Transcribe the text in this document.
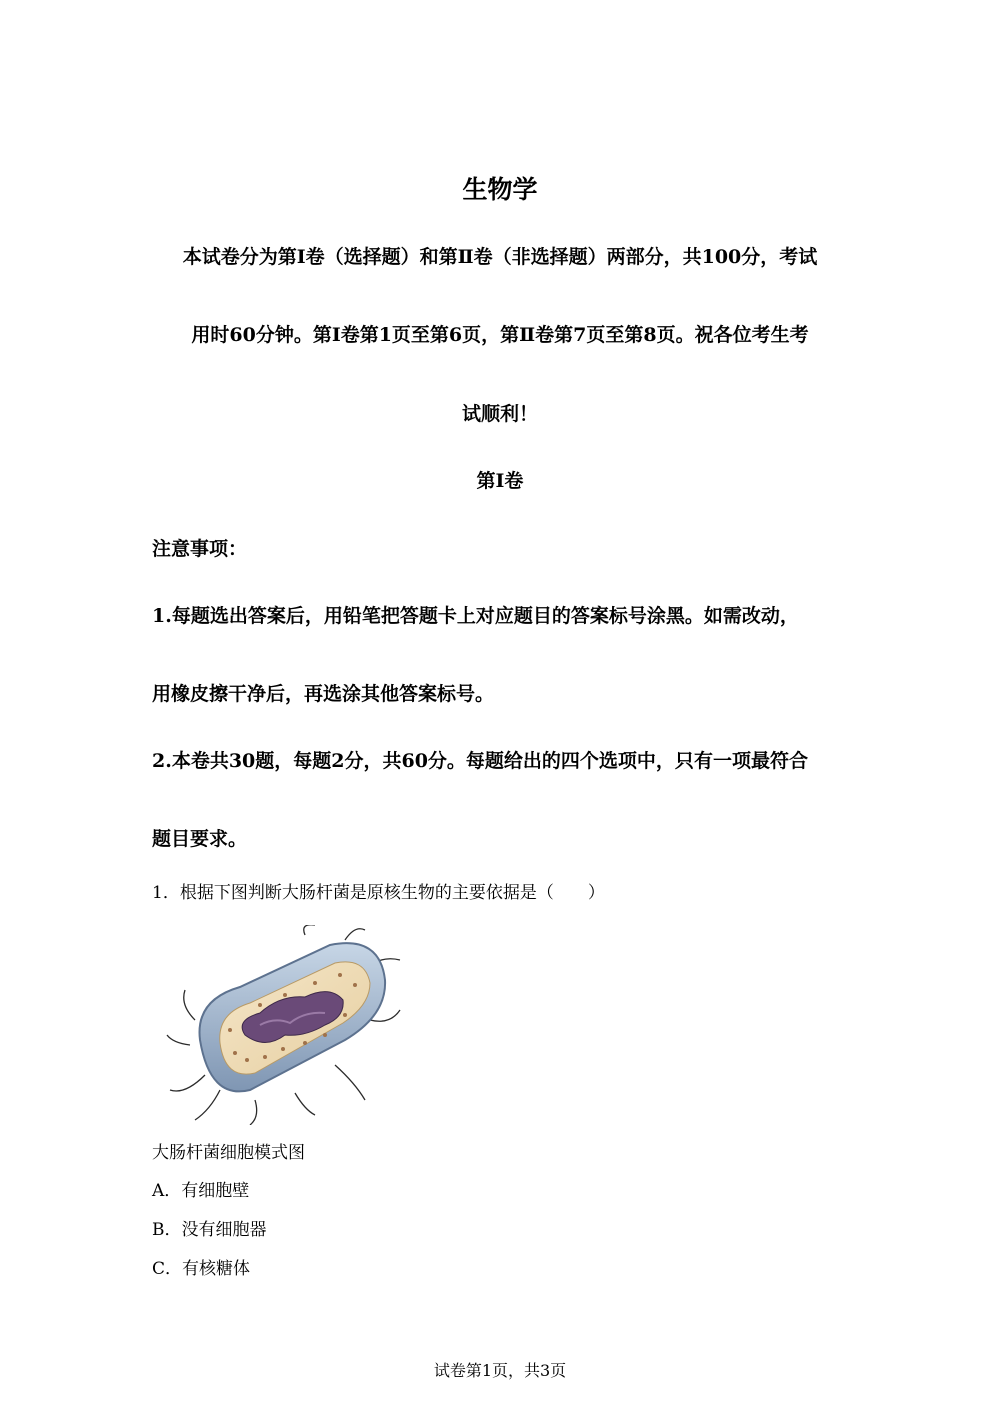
生物学
本试卷分为第Ⅰ卷（选择题）和第Ⅱ卷（非选择题）两部分，共100分，考试
用时60分钟。第Ⅰ卷第1页至第6页，第Ⅱ卷第7页至第8页。祝各位考生考
试顺利！
第Ⅰ卷
注意事项：
1.每题选出答案后，用铅笔把答题卡上对应题目的答案标号涂黑。如需改动，
用橡皮擦干净后，再选涂其他答案标号。
2.本卷共30题，每题2分，共60分。每题给出的四个选项中，只有一项最符合
题目要求。
1．根据下图判断大肠杆菌是原核生物的主要依据是（　　）
大肠杆菌细胞模式图
A．有细胞壁
B．没有细胞器
C．有核糖体
试卷第1页，共3页
